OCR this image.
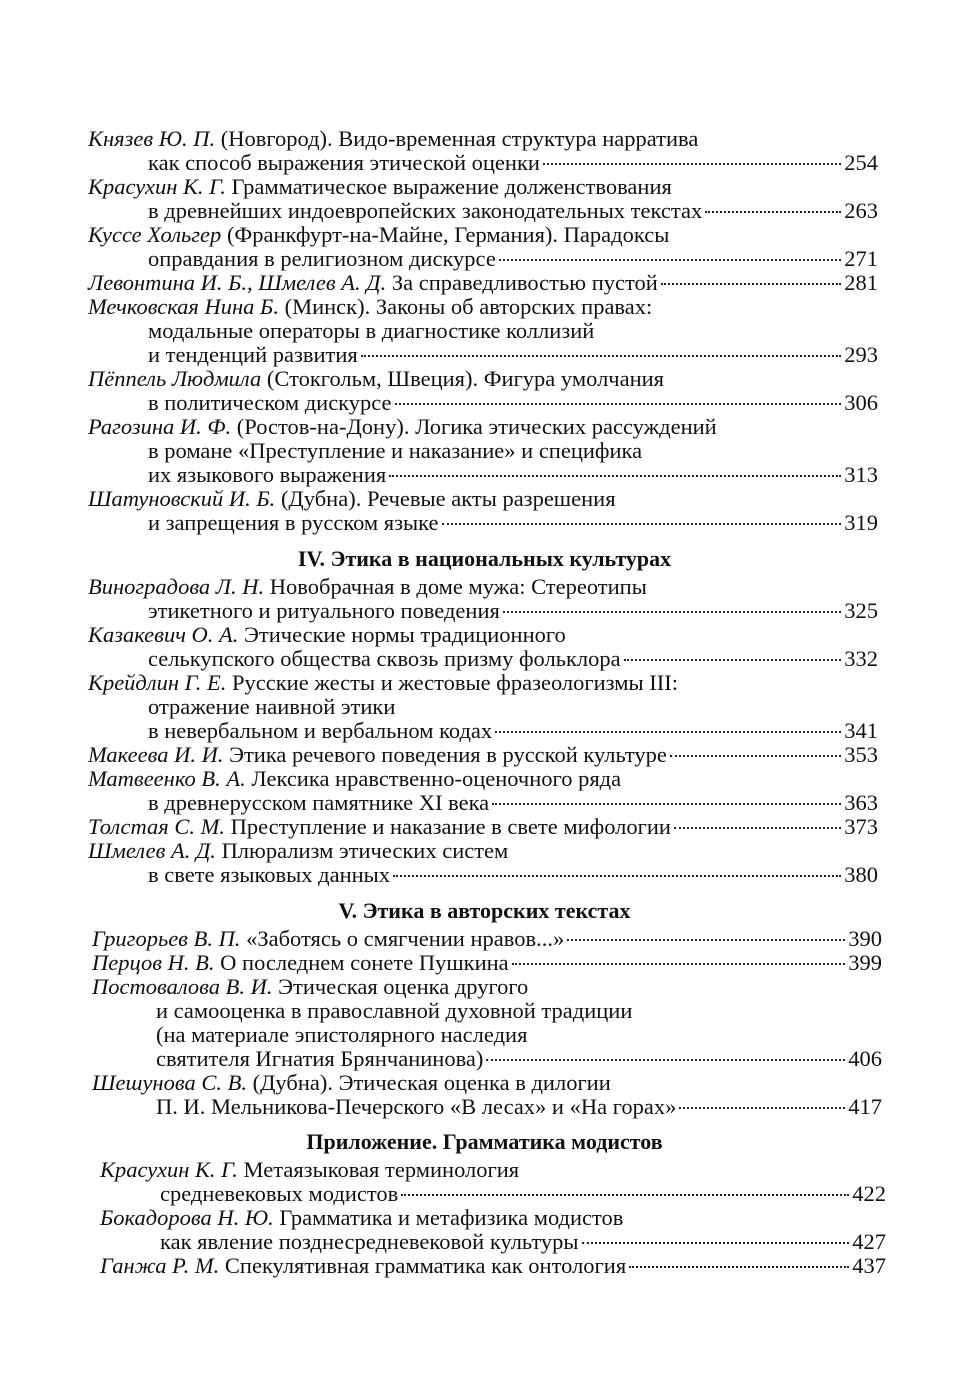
Князев Ю. П. (Новгород). Видо-временная структура нарратива
как способ выражения этической оценки	254
Красухин К. Г. Грамматическое выражение долженствования
в древнейших индоевропейских законодательных текстах	263
Куссе Хольгер (Франкфурт-на-Майне, Германия). Парадоксы
оправдания в религиозном дискурсе	271
Левонтина И. Б., Шмелев А. Д. За справедливостью пустой	281
Мечковская Нина Б. (Минск). Законы об авторских правах:
модальные операторы в диагностике коллизий
и тенденций развития	293
Пёппель Людмила (Стокгольм, Швеция). Фигура умолчания
в политическом дискурсе	306
Рагозина И. Ф. (Ростов-на-Дону). Логика этических рассуждений
в романе «Преступление и наказание» и специфика
их языкового выражения	313
Шатуновский И. Б. (Дубна). Речевые акты разрешения
и запрещения в русском языке	319
IV. Этика в национальных культурах
Виноградова Л. Н. Новобрачная в доме мужа: Стереотипы
этикетного и ритуального поведения	325
Казакевич О. А. Этические нормы традиционного
селькупского общества сквозь призму фольклора	332
Крейдлин Г. Е. Русские жесты и жестовые фразеологизмы III:
отражение наивной этики
в невербальном и вербальном кодах	341
Макеева И. И. Этика речевого поведения в русской культуре	353
Матвеенко В. А. Лексика нравственно-оценочного ряда
в древнерусском памятнике XI века	363
Толстая С. М. Преступление и наказание в свете мифологии	373
Шмелев А. Д. Плюрализм этических систем
в свете языковых данных	380
V. Этика в авторских текстах
Григорьев В. П. «Заботясь о смягчении нравов...»	390
Перцов Н. В. О последнем сонете Пушкина	399
Постовалова В. И. Этическая оценка другого
и самооценка в православной духовной традиции
(на материале эпистолярного наследия
святителя Игнатия Брянчанинова)	406
Шешунова С. В. (Дубна). Этическая оценка в дилогии
П. И. Мельникова-Печерского «В лесах» и «На горах»	417
Приложение. Грамматика модистов
Красухин К. Г. Метаязыковая терминология
средневековых модистов	422
Бокадорова Н. Ю. Грамматика и метафизика модистов
как явление позднесредневековой культуры	427
Ганжа Р. М. Спекулятивная грамматика как онтология	437
